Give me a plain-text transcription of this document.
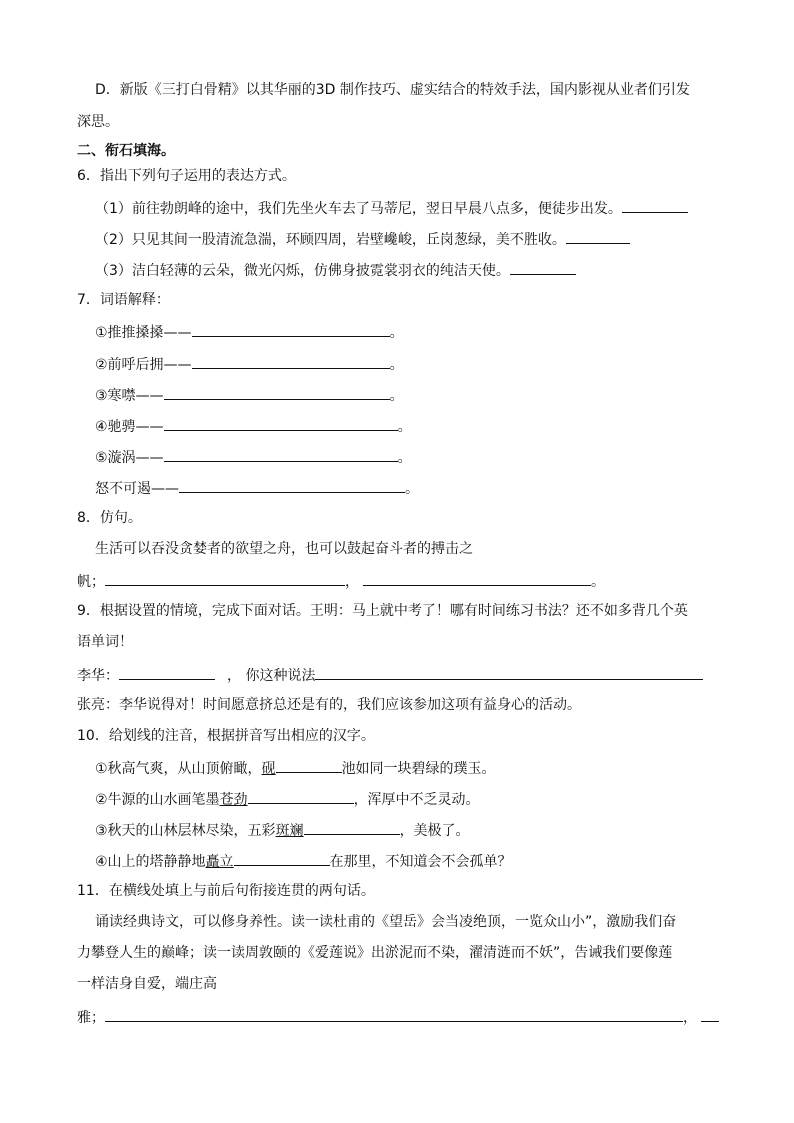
D．新版《三打白骨精》以其华丽的3D 制作技巧、虚实结合的特效手法，国内影视从业者们引发
深思。
二、衔石填海。
6．指出下列句子运用的表达方式。
（1）前往勃朗峰的途中，我们先坐火车去了马蒂尼，翌日早晨八点多，便徒步出发。
（2）只见其间一股清流急湍，环顾四周，岩壁巉峻，丘岗葱绿，美不胜收。
（3）洁白轻薄的云朵，微光闪烁，仿佛身披霓裳羽衣的纯洁天使。
7．词语解释：
①推推搡搡——	。
②前呼后拥——	。
③寒噤——	。
④驰骋——	。
⑤漩涡——	。
怒不可遏——	。
8．仿句。
生活可以吞没贪婪者的欲望之舟，也可以鼓起奋斗者的搏击之
帆；	，	。
9．根据设置的情境，完成下面对话。王明：马上就中考了！哪有时间练习书法？还不如多背几个英
语单词！
李华：	， 你这种说法
张亮：李华说得对！时间愿意挤总还是有的，我们应该参加这项有益身心的活动。
10．给划线的注音，根据拼音写出相应的汉字。
①秋高气爽，从山顶俯瞰，砚	池如同一块碧绿的璞玉。
②牛源的山水画笔墨苍劲	，浑厚中不乏灵动。
③秋天的山林层林尽染，五彩斑斓	，美极了。
④山上的塔静静地矗立	在那里，不知道会不会孤单？
11．在横线处填上与前后句衔接连贯的两句话。
诵读经典诗文，可以修身养性。读一读杜甫的《望岳》会当凌绝顶，一览众山小”，激励我们奋
力攀登人生的巅峰；读一读周敦颐的《爱莲说》出淤泥而不染，濯清涟而不妖”，告诫我们要像莲
一样洁身自爱，端庄高
雅；	，
